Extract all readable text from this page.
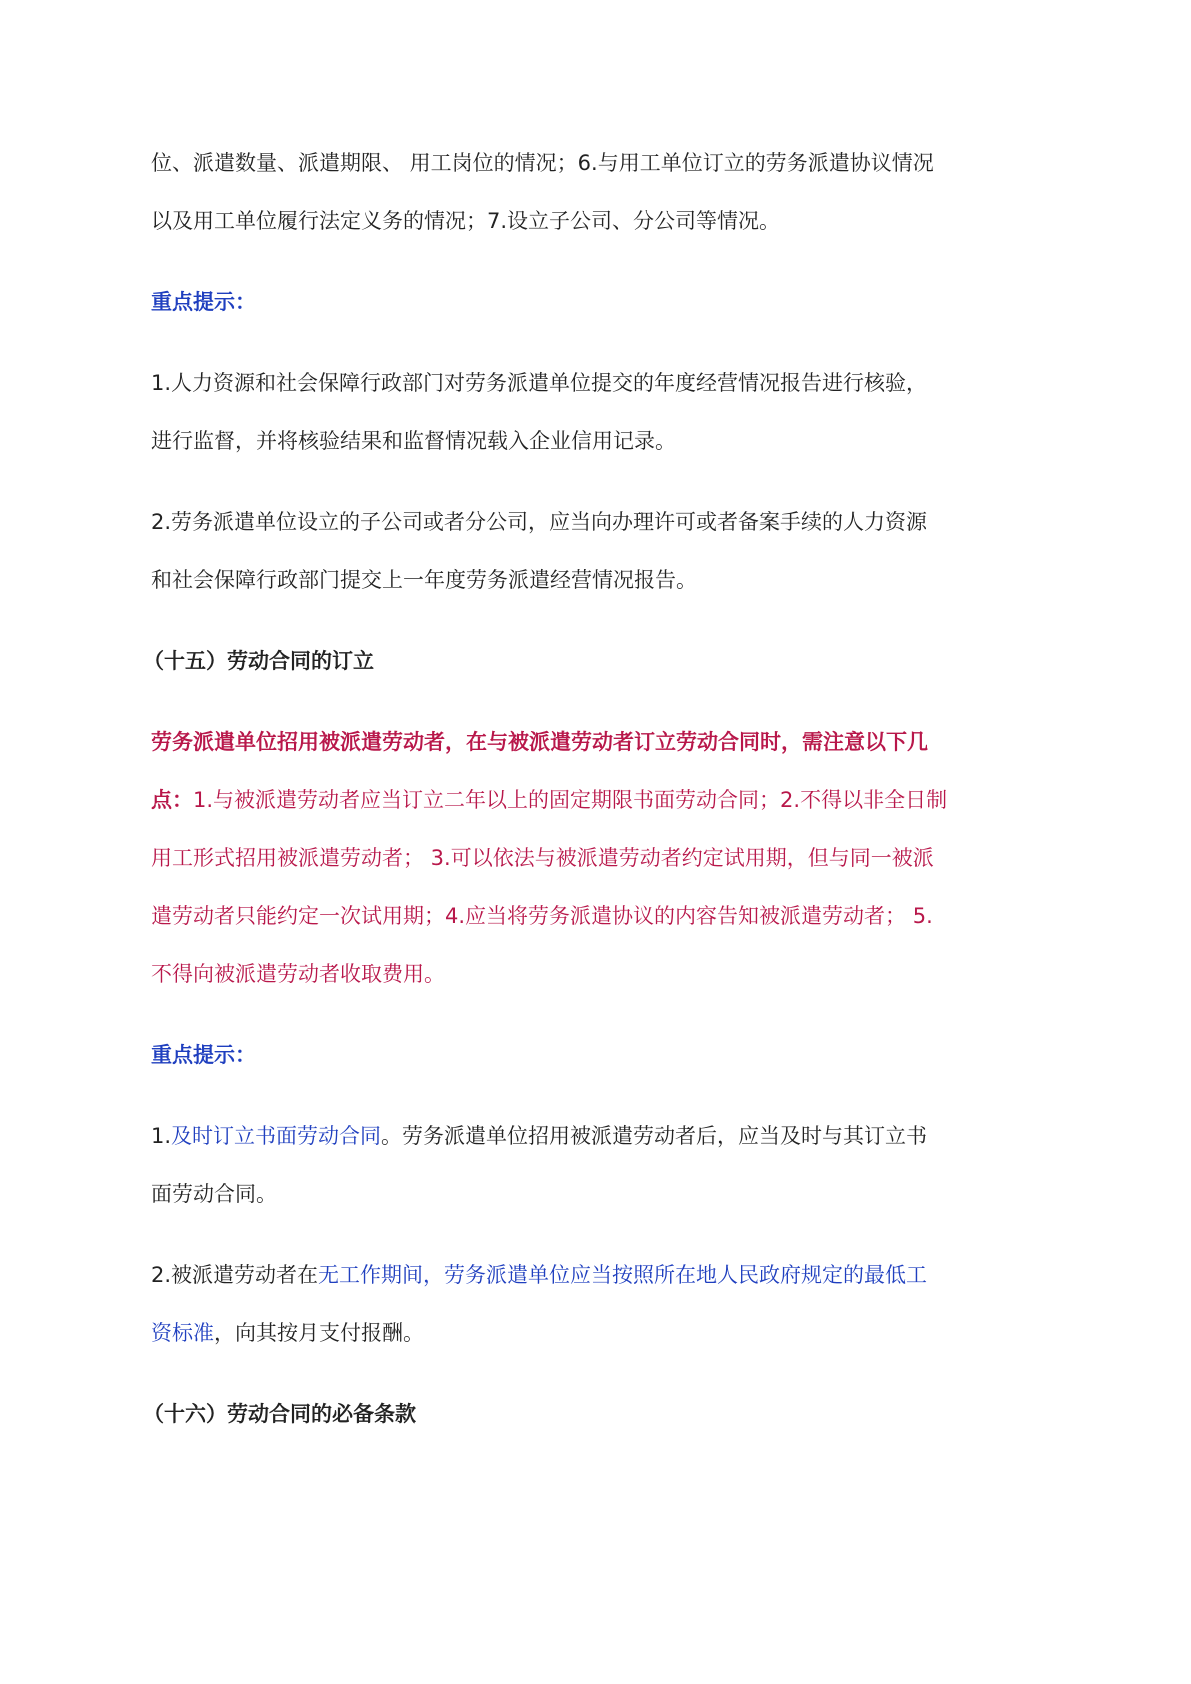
位、派遣数量、派遣期限、 用工岗位的情况；6.与用工单位订立的劳务派遣协议情况
以及用工单位履行法定义务的情况；7.设立子公司、分公司等情况。
重点提示：
1.人力资源和社会保障行政部门对劳务派遣单位提交的年度经营情况报告进行核验，
进行监督，并将核验结果和监督情况载入企业信用记录。
2.劳务派遣单位设立的子公司或者分公司，应当向办理许可或者备案手续的人力资源
和社会保障行政部门提交上一年度劳务派遣经营情况报告。
（十五）劳动合同的订立
劳务派遣单位招用被派遣劳动者，在与被派遣劳动者订立劳动合同时，需注意以下几
点：1.与被派遣劳动者应当订立二年以上的固定期限书面劳动合同；2.不得以非全日制
用工形式招用被派遣劳动者； 3.可以依法与被派遣劳动者约定试用期，但与同一被派
遣劳动者只能约定一次试用期；4.应当将劳务派遣协议的内容告知被派遣劳动者； 5.
不得向被派遣劳动者收取费用。
重点提示：
1.及时订立书面劳动合同。劳务派遣单位招用被派遣劳动者后，应当及时与其订立书
面劳动合同。
2.被派遣劳动者在无工作期间，劳务派遣单位应当按照所在地人民政府规定的最低工
资标准，向其按月支付报酬。
（十六）劳动合同的必备条款
